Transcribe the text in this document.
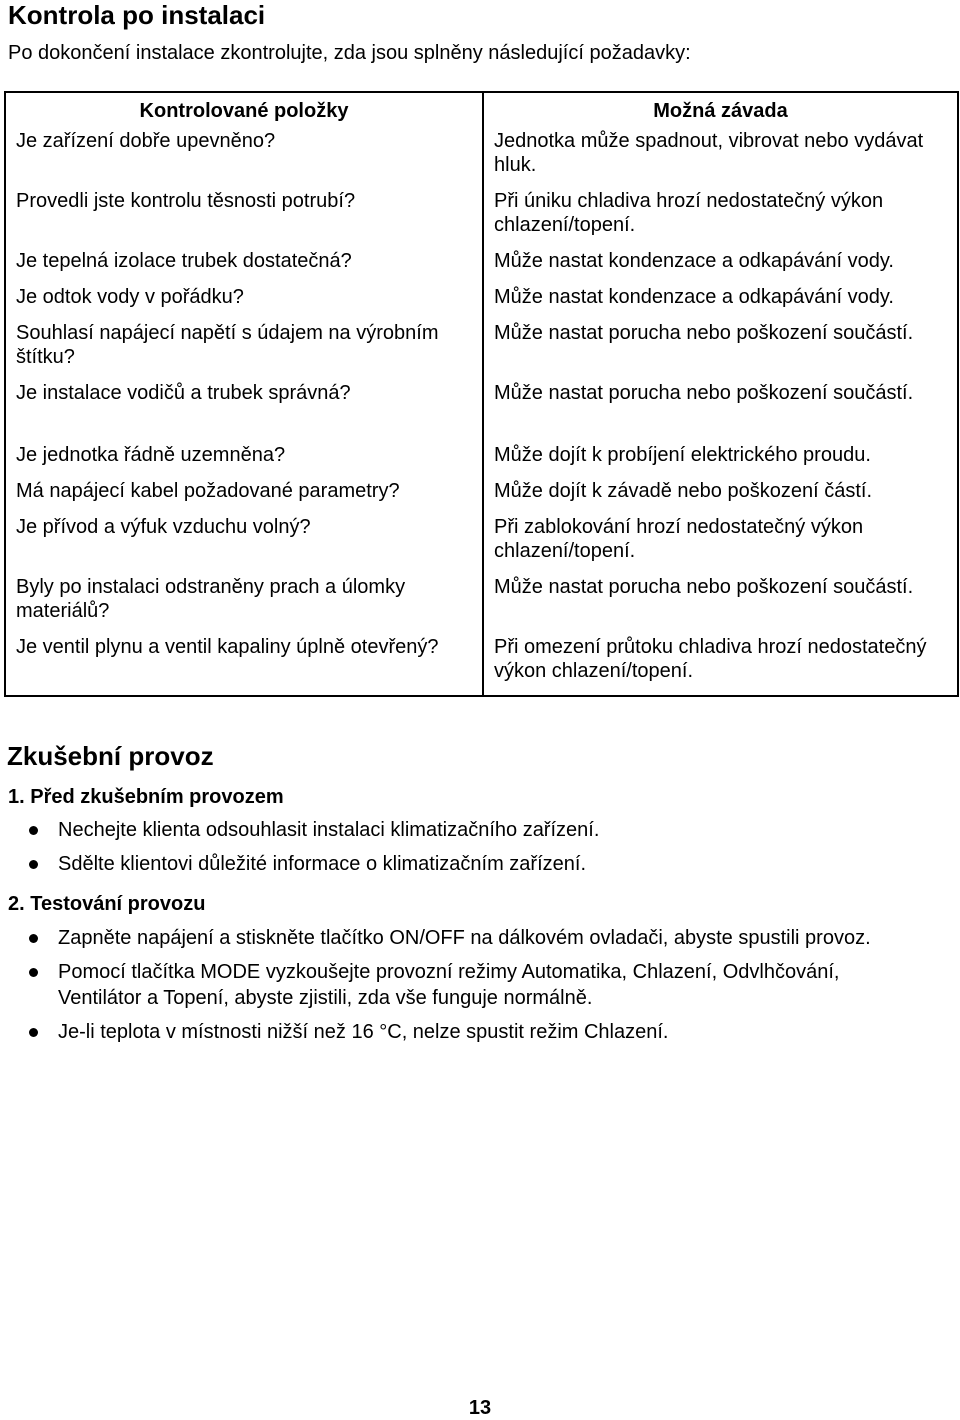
Kontrola po instalaci

Po dokončení instalace zkontrolujte, zda jsou splněny následující požadavky:

Kontrolované položky	Možná závada
Je zařízení dobře upevněno?	Jednotka může spadnout, vibrovat nebo vydávat hluk.
Provedli jste kontrolu těsnosti potrubí?	Při úniku chladiva hrozí nedostatečný výkon chlazení/topení.
Je tepelná izolace trubek dostatečná?	Může nastat kondenzace a odkapávání vody.
Je odtok vody v pořádku?	Může nastat kondenzace a odkapávání vody.
Souhlasí napájecí napětí s údajem na výrobním štítku?	Může nastat porucha nebo poškození součástí.
Je instalace vodičů a trubek správná?	Může nastat porucha nebo poškození součástí.
Je jednotka řádně uzemněna?	Může dojít k probíjení elektrického proudu.
Má napájecí kabel požadované parametry?	Může dojít k závadě nebo poškození částí.
Je přívod a výfuk vzduchu volný?	Při zablokování hrozí nedostatečný výkon chlazení/topení.
Byly po instalaci odstraněny prach a úlomky materiálů?	Může nastat porucha nebo poškození součástí.
Je ventil plynu a ventil kapaliny úplně otevřený?	Při omezení průtoku chladiva hrozí nedostatečný výkon chlazení/topení.
Zkušební provoz
1. Před zkušebním provozem
Nechejte klienta odsouhlasit instalaci klimatizačního zařízení.
Sdělte klientovi důležité informace o klimatizačním zařízení.
2. Testování provozu
Zapněte napájení a stiskněte tlačítko ON/OFF na dálkovém ovladači, abyste spustili provoz.
Pomocí tlačítka MODE vyzkoušejte provozní režimy Automatika, Chlazení, Odvlhčování, Ventilátor a Topení, abyste zjistili, zda vše funguje normálně.
Je-li teplota v místnosti nižší než 16 °C, nelze spustit režim Chlazení.
13
